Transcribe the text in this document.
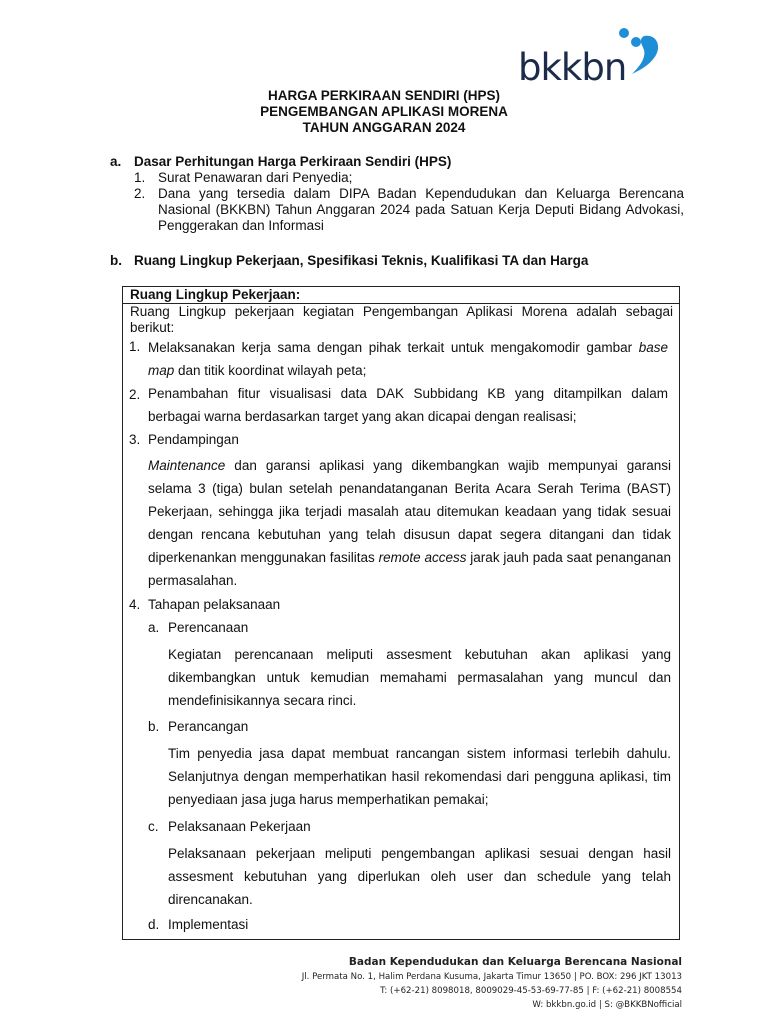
bkkbn
HARGA PERKIRAAN SENDIRI (HPS)
PENGEMBANGAN APLIKASI MORENA
TAHUN ANGGARAN 2024
a. Dasar Perhitungan Harga Perkiraan Sendiri (HPS)
1. Surat Penawaran dari Penyedia;
2. Dana yang tersedia dalam DIPA Badan Kependudukan dan Keluarga Berencana Nasional (BKKBN) Tahun Anggaran 2024 pada Satuan Kerja Deputi Bidang Advokasi, Penggerakan dan Informasi
b. Ruang Lingkup Pekerjaan, Spesifikasi Teknis, Kualifikasi TA dan Harga
Ruang Lingkup Pekerjaan:
Ruang Lingkup pekerjaan kegiatan Pengembangan Aplikasi Morena adalah sebagai berikut:
1. Melaksanakan kerja sama dengan pihak terkait untuk mengakomodir gambar base map dan titik koordinat wilayah peta;
2. Penambahan fitur visualisasi data DAK Subbidang KB yang ditampilkan dalam berbagai warna berdasarkan target yang akan dicapai dengan realisasi;
3. Pendampingan
Maintenance dan garansi aplikasi yang dikembangkan wajib mempunyai garansi selama 3 (tiga) bulan setelah penandatanganan Berita Acara Serah Terima (BAST) Pekerjaan, sehingga jika terjadi masalah atau ditemukan keadaan yang tidak sesuai dengan rencana kebutuhan yang telah disusun dapat segera ditangani dan tidak diperkenankan menggunakan fasilitas remote access jarak jauh pada saat penanganan permasalahan.
4. Tahapan pelaksanaan
a. Perencanaan
Kegiatan perencanaan meliputi assesment kebutuhan akan aplikasi yang dikembangkan untuk kemudian memahami permasalahan yang muncul dan mendefinisikannya secara rinci.
b. Perancangan
Tim penyedia jasa dapat membuat rancangan sistem informasi terlebih dahulu. Selanjutnya dengan memperhatikan hasil rekomendasi dari pengguna aplikasi, tim penyediaan jasa juga harus memperhatikan pemakai;
c. Pelaksanaan Pekerjaan
Pelaksanaan pekerjaan meliputi pengembangan aplikasi sesuai dengan hasil assesment kebutuhan yang diperlukan oleh user dan schedule yang telah direncanakan.
d. Implementasi
Badan Kependudukan dan Keluarga Berencana Nasional
Jl. Permata No. 1, Halim Perdana Kusuma, Jakarta Timur 13650 | PO. BOX: 296 JKT 13013
T: (+62-21) 8098018, 8009029-45-53-69-77-85 | F: (+62-21) 8008554
W: bkkbn.go.id | S: @BKKBNofficial
